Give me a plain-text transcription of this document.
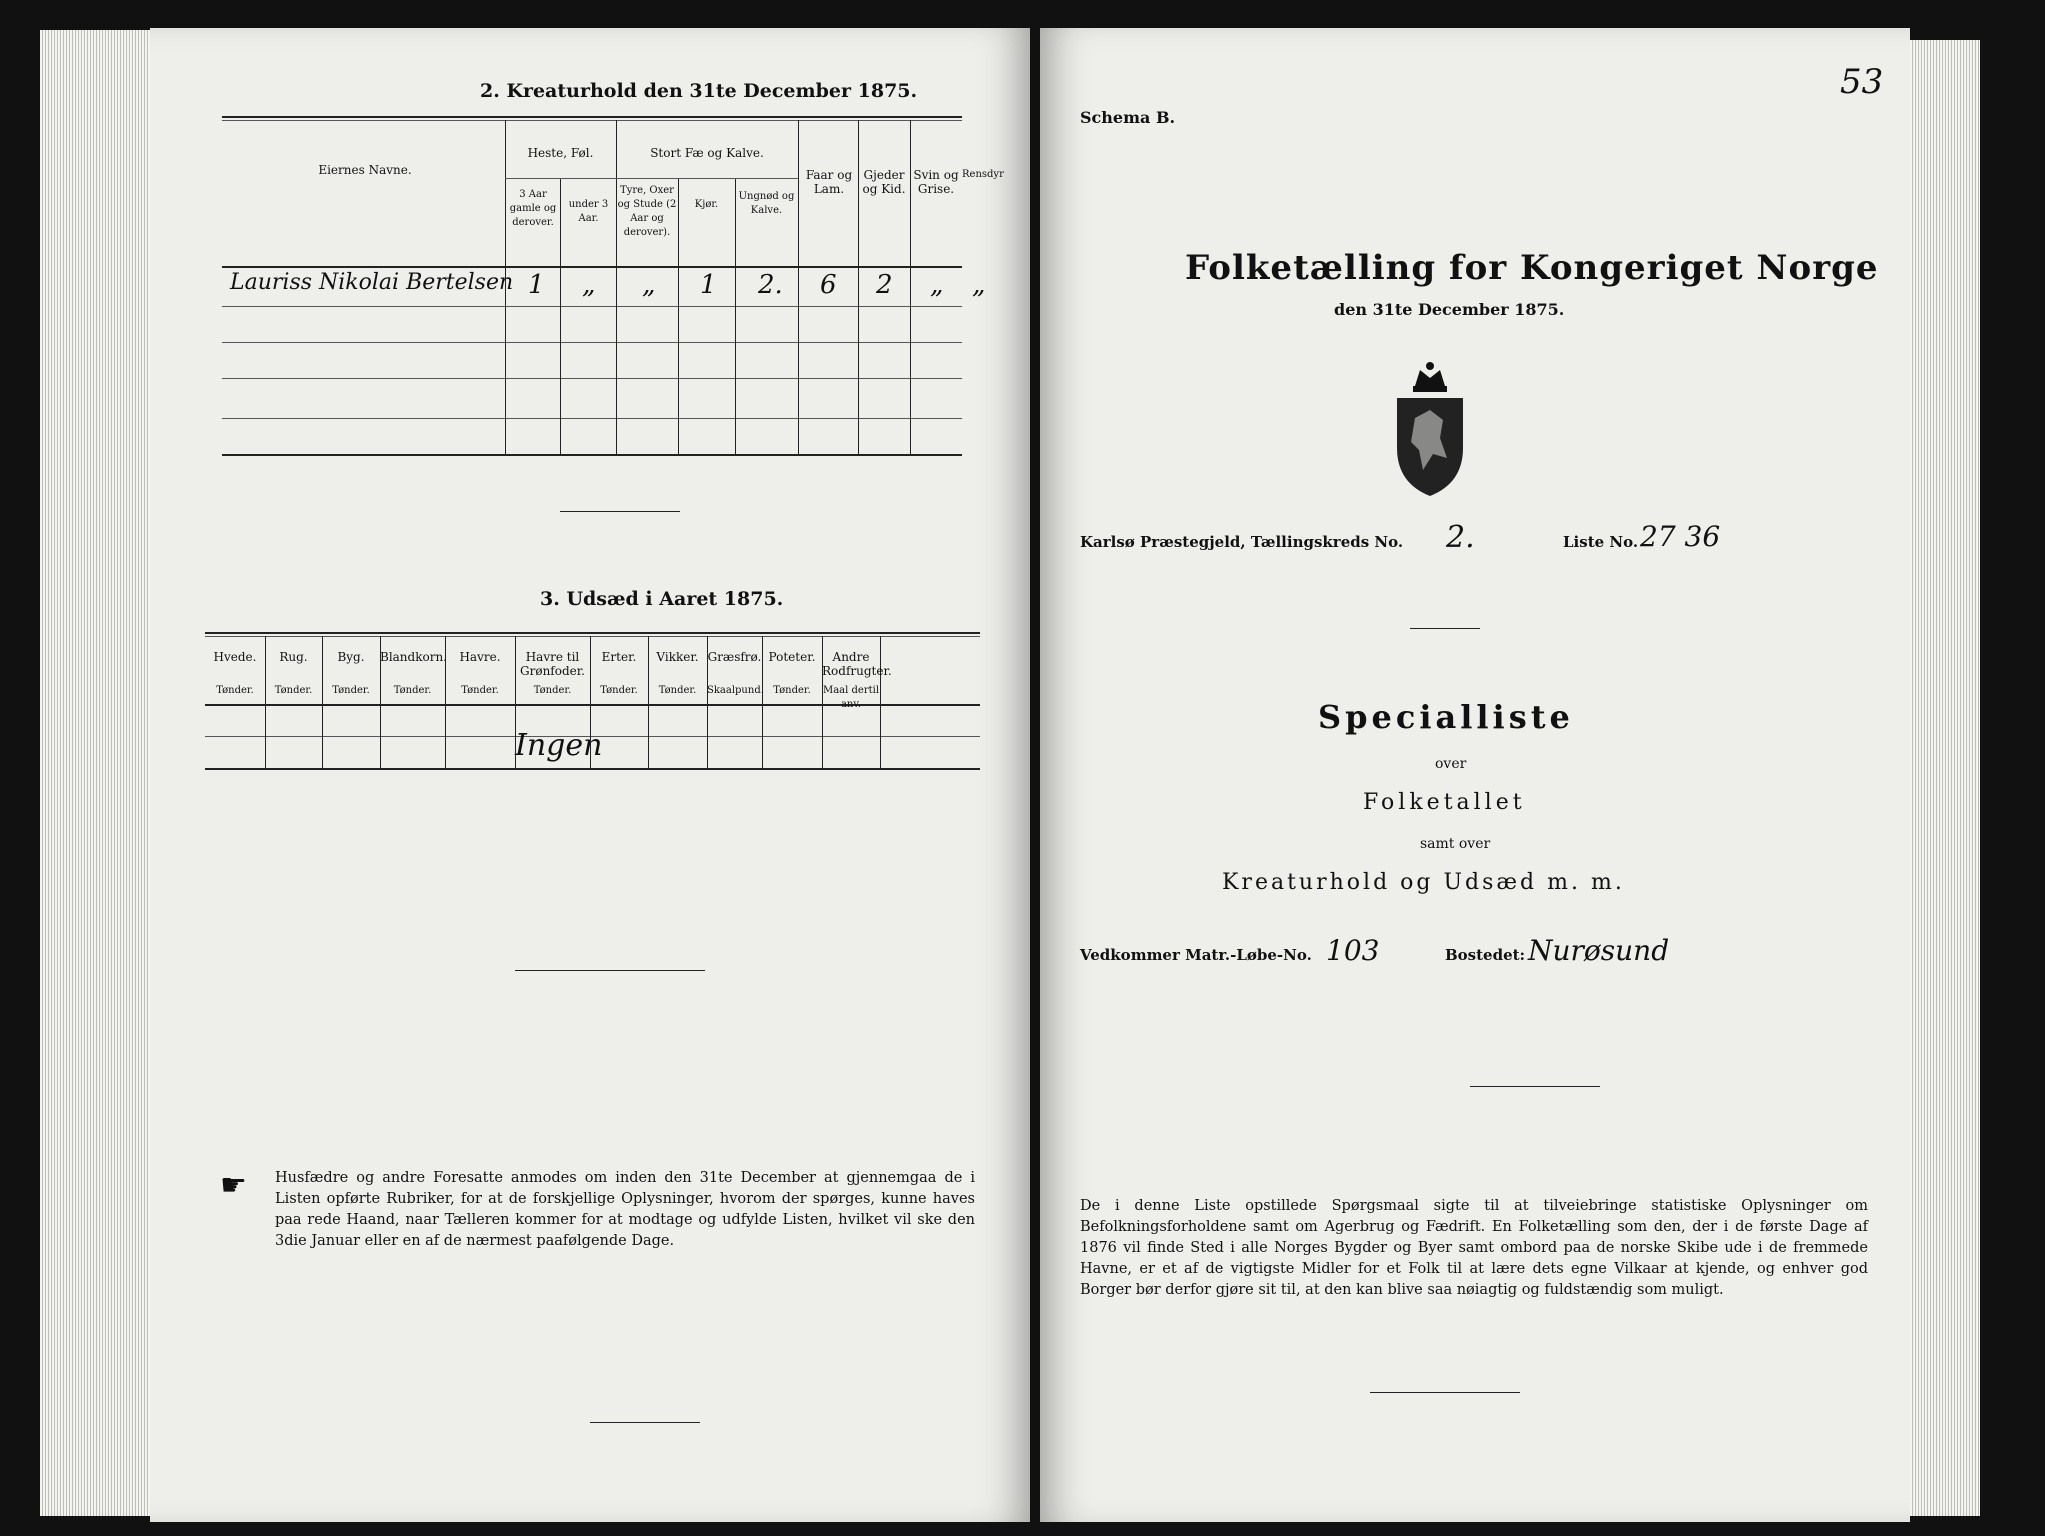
2. Kreaturhold den 31te December 1875.
Eiernes Navne.
Heste, Føl.
3 Aar gamle og derover.
under 3 Aar.
Stort Fæ og Kalve.
Tyre, Oxer og Stude (2 Aar og derover).
Kjør.
Ungnød og Kalve.
Faar og Lam.
Gjeder og Kid.
Svin og Grise.
Rensdyr
Lauriss Nikolai Bertelsen 1 „ „ 1 2. 6 2 „ „
3. Udsæd i Aaret 1875.
Ingen
☛ Husfædre og andre Foresatte anmodes om inden den 31te December at gjennemgaa de i Listen opførte Rubriker, for at de forskjellige Oplysninger, hvorom der spørges, kunne haves paa rede Haand, naar Tælleren kommer for at modtage og udfylde Listen, hvilket vil ske den 3die Januar eller en af de nærmest paafølgende Dage.
Hvede.
Tønder.
Rug.
Tønder.
Byg.
Tønder.
Blandkorn.
Tønder.
Havre.
Tønder.
Havre til Grønfoder.
Tønder.
Erter.
Tønder.
Vikker.
Tønder.
Græsfrø.
Skaalpund.
Poteter.
Tønder.
Andre Rodfrugter.
Maal dertil anv.
53
Schema B.
Folketælling for Kongeriget Norge
den 31te December 1875.
Karlsø Præstegjeld, Tællingskreds No. 2.	Liste No. 27 36
Specialliste
over
Folketallet
samt over
Kreaturhold og Udsæd m. m.
Vedkommer Matr.-Løbe-No. 103	Bostedet: Nurøsund
De i denne Liste opstillede Spørgsmaal sigte til at tilveiebringe statistiske Oplysninger om Befolkningsforholdene samt om Agerbrug og Fædrift. En Folketælling som den, der i de første Dage af 1876 vil finde Sted i alle Norges Bygder og Byer samt ombord paa de norske Skibe ude i de fremmede Havne, er et af de vigtigste Midler for et Folk til at lære dets egne Vilkaar at kjende, og enhver god Borger bør derfor gjøre sit til, at den kan blive saa nøiagtig og fuldstændig som muligt.
